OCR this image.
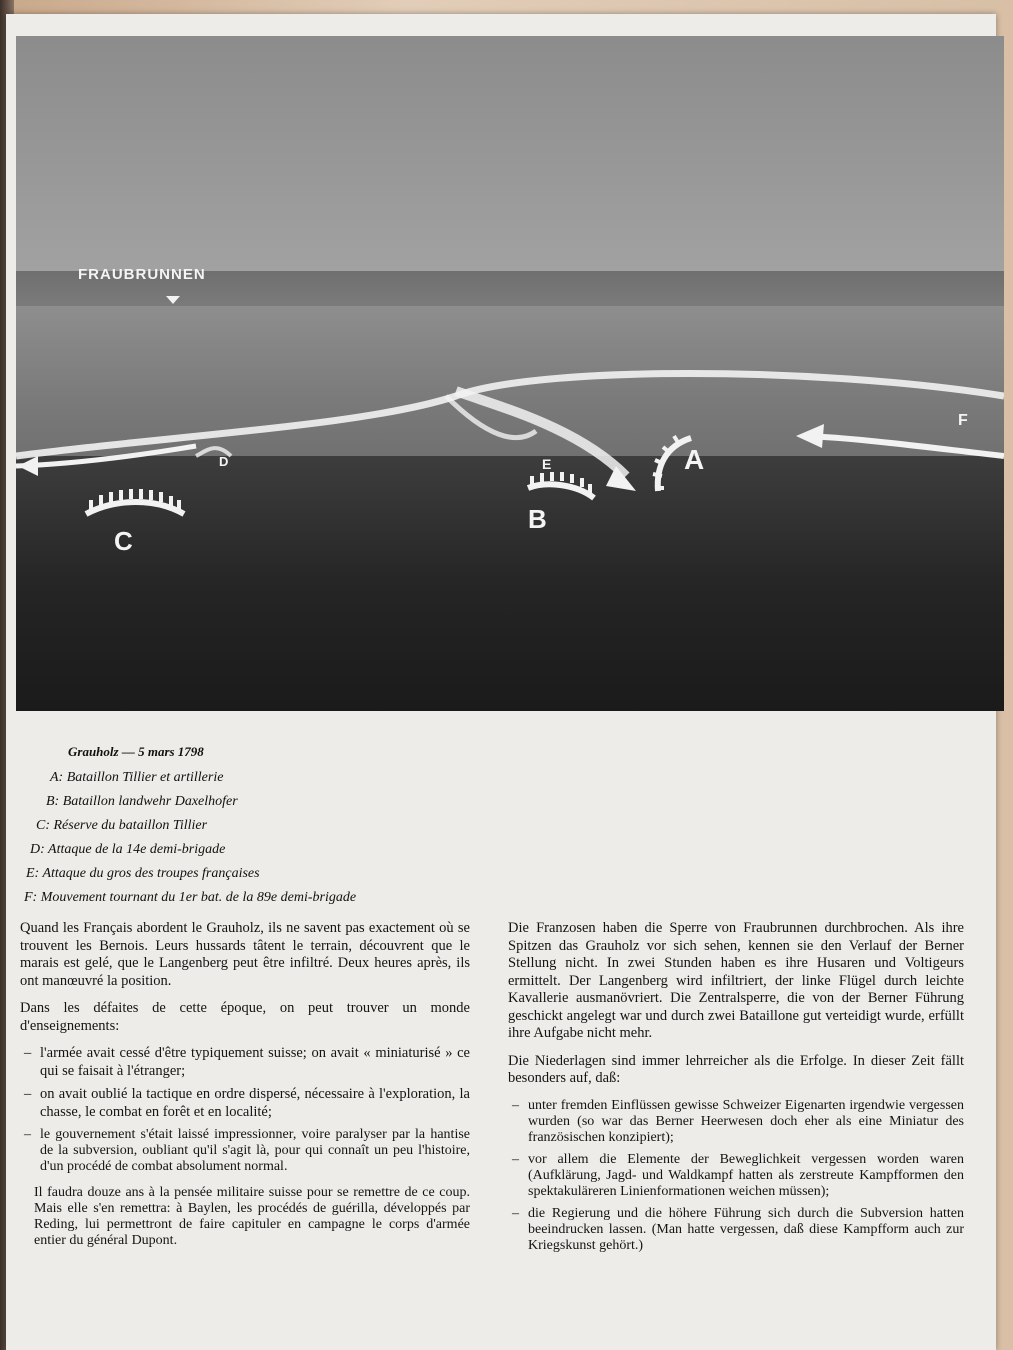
FRAUBRUNNEN
A
B
C
D	E
F
Grauholz — 5 mars 1798
A: Bataillon Tillier et artillerie
B: Bataillon landwehr Daxelhofer
C: Réserve du bataillon Tillier
D: Attaque de la 14e demi-brigade
E: Attaque du gros des troupes françaises
F: Mouvement tournant du 1er bat. de la 89e demi-brigade

Quand les Français abordent le Grauholz, ils ne savent pas exactement où se trouvent les Bernois. Leurs hussards tâtent le terrain, découvrent que le marais est gelé, que le Langenberg peut être infiltré. Deux heures après, ils ont manœuvré la position.

Dans les défaites de cette époque, on peut trouver un monde d'enseignements:

– l'armée avait cessé d'être typiquement suisse; on avait « miniaturisé » ce qui se faisait à l'étranger;
– on avait oublié la tactique en ordre dispersé, nécessaire à l'exploration, la chasse, le combat en forêt et en localité;
– le gouvernement s'était laissé impressionner, voire paralyser par la hantise de la subversion, oubliant qu'il s'agit là, pour qui connaît un peu l'histoire, d'un procédé de combat absolument normal.

Il faudra douze ans à la pensée militaire suisse pour se remettre de ce coup. Mais elle s'en remettra: à Baylen, les procédés de guérilla, développés par Reding, lui permettront de faire capituler en campagne le corps d'armée entier du général Dupont.

Die Franzosen haben die Sperre von Fraubrunnen durchbrochen. Als ihre Spitzen das Grauholz vor sich sehen, kennen sie den Verlauf der Berner Stellung nicht. In zwei Stunden haben es ihre Husaren und Voltigeurs ermittelt. Der Langenberg wird infiltriert, der linke Flügel durch leichte Kavallerie ausmanövriert. Die Zentralsperre, die von der Berner Führung geschickt angelegt war und durch zwei Bataillone gut verteidigt wurde, erfüllt ihre Aufgabe nicht mehr.

Die Niederlagen sind immer lehrreicher als die Erfolge. In dieser Zeit fällt besonders auf, daß:

– unter fremden Einflüssen gewisse Schweizer Eigenarten irgendwie vergessen wurden (so war das Berner Heerwesen doch eher als eine Miniatur des französischen konzipiert);
– vor allem die Elemente der Beweglichkeit vergessen worden waren (Aufklärung, Jagd- und Waldkampf hatten als zerstreute Kampfformen den spektakuläreren Linienformationen weichen müssen);
– die Regierung und die höhere Führung sich durch die Subversion hatten beeindrucken lassen. (Man hatte vergessen, daß diese Kampfform auch zur Kriegskunst gehört.)
